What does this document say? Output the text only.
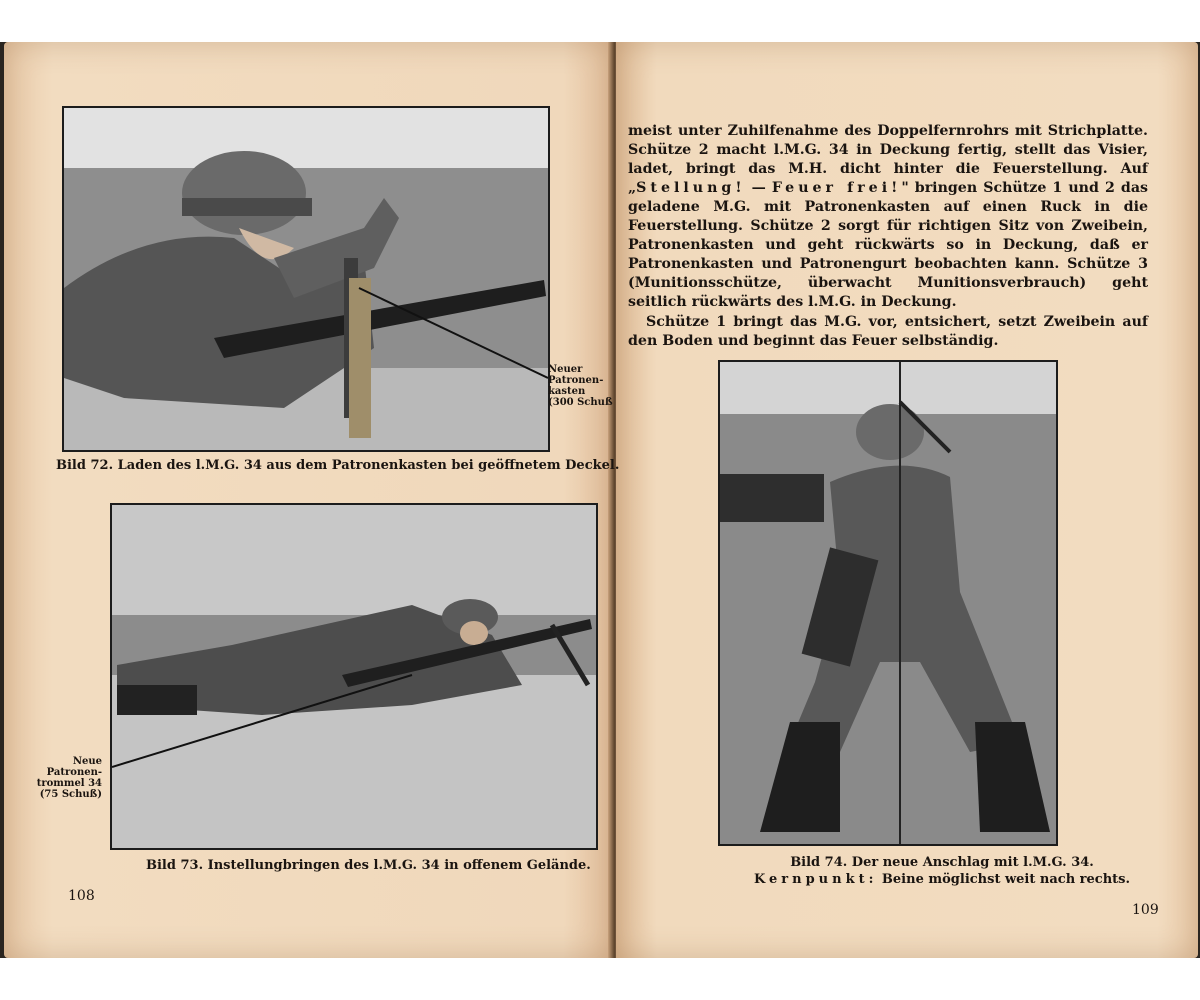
Neuer
Patronen-
kasten
(300 Schuß
Bild 72. Laden des l.M.G. 34 aus dem Patronenkasten bei geöffnetem Deckel.
Neue
Patronen-
trommel 34
(75 Schuß)
Bild 73. Instellungbringen des l.M.G. 34 in offenem Gelände.
108

meist unter Zuhilfenahme des Doppelfernrohrs mit Strichplatte. Schütze 2 macht l.M.G. 34 in Deckung fertig, stellt das Visier, ladet, bringt das M.H. dicht hinter die Feuerstellung. Auf „Stellung! — Feuer frei!" bringen Schütze 1 und 2 das geladene M.G. mit Patronenkasten auf einen Ruck in die Feuerstellung. Schütze 2 sorgt für richtigen Sitz von Zweibein, Patronenkasten und geht rückwärts so in Deckung, daß er Patronenkasten und Patronengurt beobachten kann. Schütze 3 (Munitionsschütze, überwacht Munitionsverbrauch) geht seitlich rückwärts des l.M.G. in Deckung.

Schütze 1 bringt das M.G. vor, entsichert, setzt Zweibein auf den Boden und beginnt das Feuer selbständig.

Bild 74. Der neue Anschlag mit l.M.G. 34.
Kernpunkt: Beine möglichst weit nach rechts.
109
